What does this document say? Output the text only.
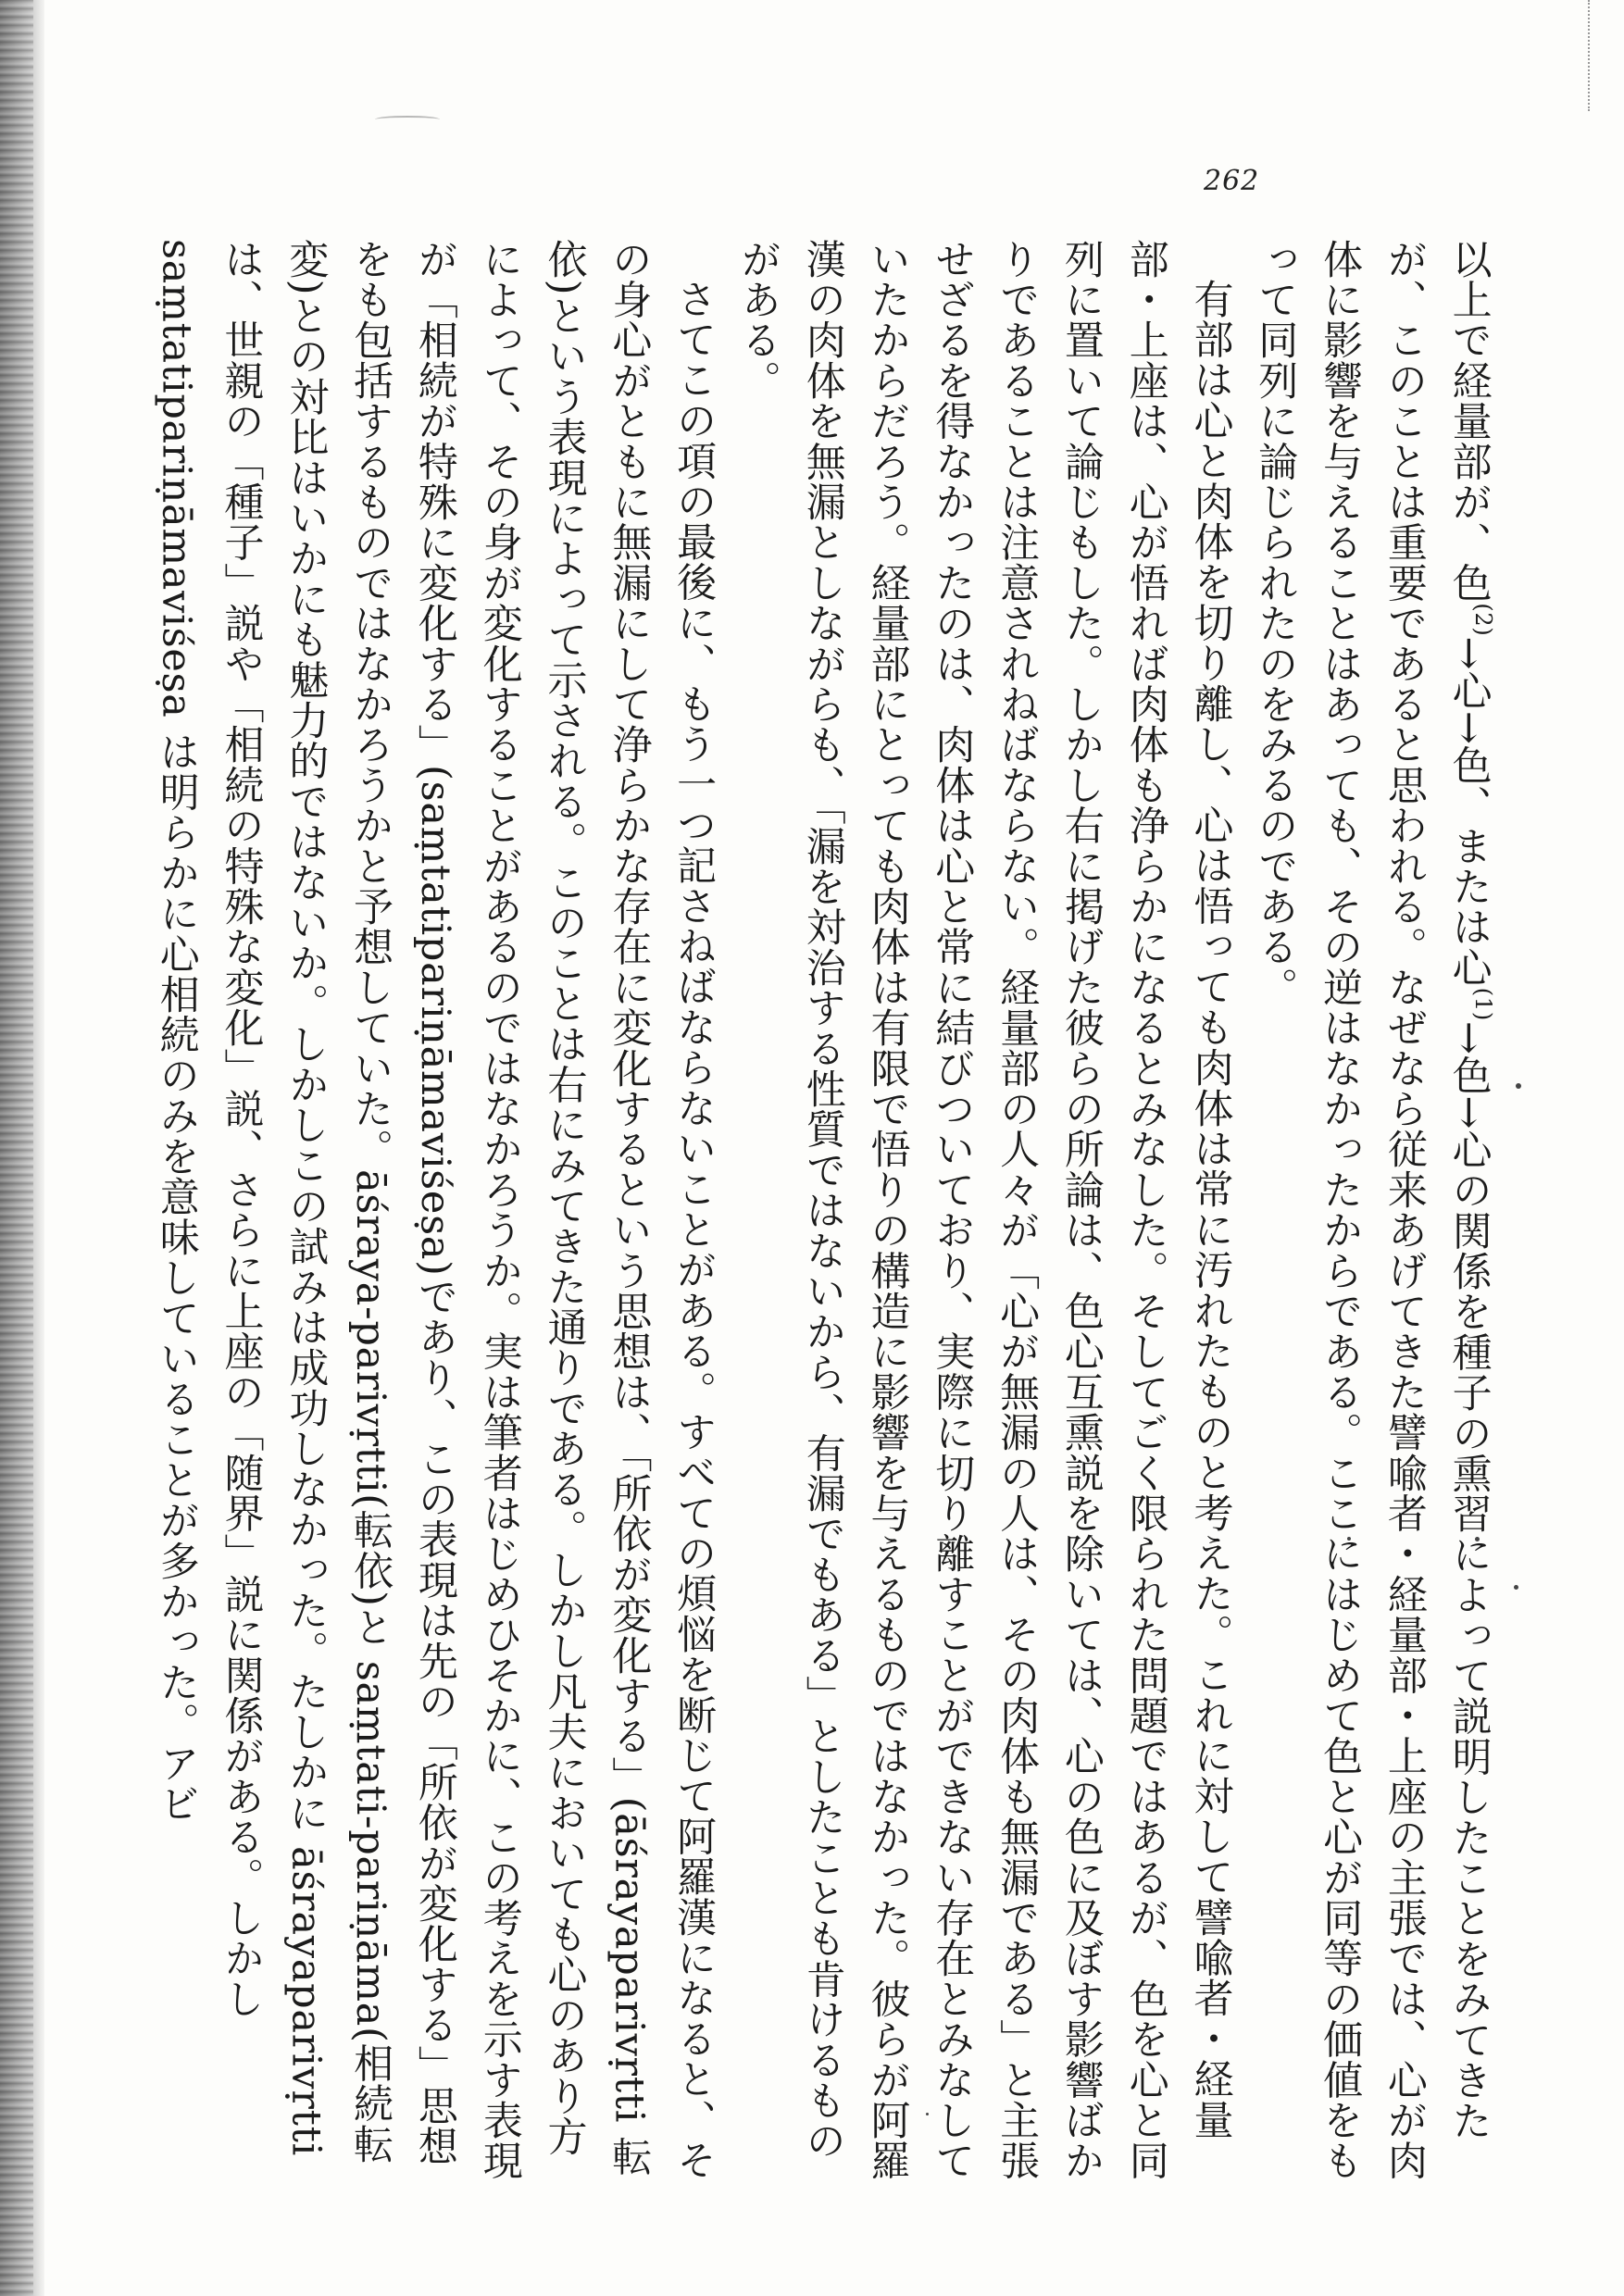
262

以上で経量部が、色$^{(2)}$→心→色、または心$^{(1)}$→色→心の関係を種子の熏習によって説明したことをみてきたが、このことは重要であると思われる。なぜなら従来あげてきた譬喩者・経量部・上座の主張では、心が肉体に影響を与えることはあっても、その逆はなかったからである。ここにはじめて色と心が同等の価値をもって同列に論じられたのをみるのである。

有部は心と肉体を切り離し、心は悟っても肉体は常に汚れたものと考えた。これに対して譬喩者・経量部・上座は、心が悟れば肉体も浄らかになるとみなした。そしてごく限られた問題ではあるが、色を心と同列に置いて論じもした。しかし右に掲げた彼らの所論は、色心互熏説を除いては、心の色に及ぼす影響ばかりであることは注意されねばならない。経量部の人々が「心が無漏の人は、その肉体も無漏である」と主張せざるを得なかったのは、肉体は心と常に結びついており、実際に切り離すことができない存在とみなしていたからだろう。経量部にとっても肉体は有限で悟りの構造に影響を与えるものではなかった。彼らが阿羅漢の肉体を無漏としながらも、「漏を対治する性質ではないから、有漏でもある」としたことも肯けるものがある。

さてこの項の最後に、もう一つ記さねばならないことがある。すべての煩悩を断じて阿羅漢になると、その身心がともに無漏にして浄らかな存在に変化するという思想は、「所依が変化する」(āśrayaparivṛtti 転依)という表現によって示される。このことは右にみてきた通りである。しかし凡夫においても心のあり方によって、その身が変化することがあるのではなかろうか。実は筆者はじめひそかに、この考えを示す表現が「相続が特殊に変化する」(saṃtatipariṇāmaviśeṣa)であり、この表現は先の「所依が変化する」思想をも包括するものではなかろうかと予想していた。āśraya-parivṛtti(転依)と saṃtati-pariṇāma(相続転変)との対比はいかにも魅力的ではないか。しかしこの試みは成功しなかった。たしかに āśrayaparivṛtti は、世親の「種子」説や「相続の特殊な変化」説、さらに上座の「随界」説に関係がある。しかし saṃtatipariṇāmaviśeṣa は明らかに心相続のみを意味していることが多かった。アビ
